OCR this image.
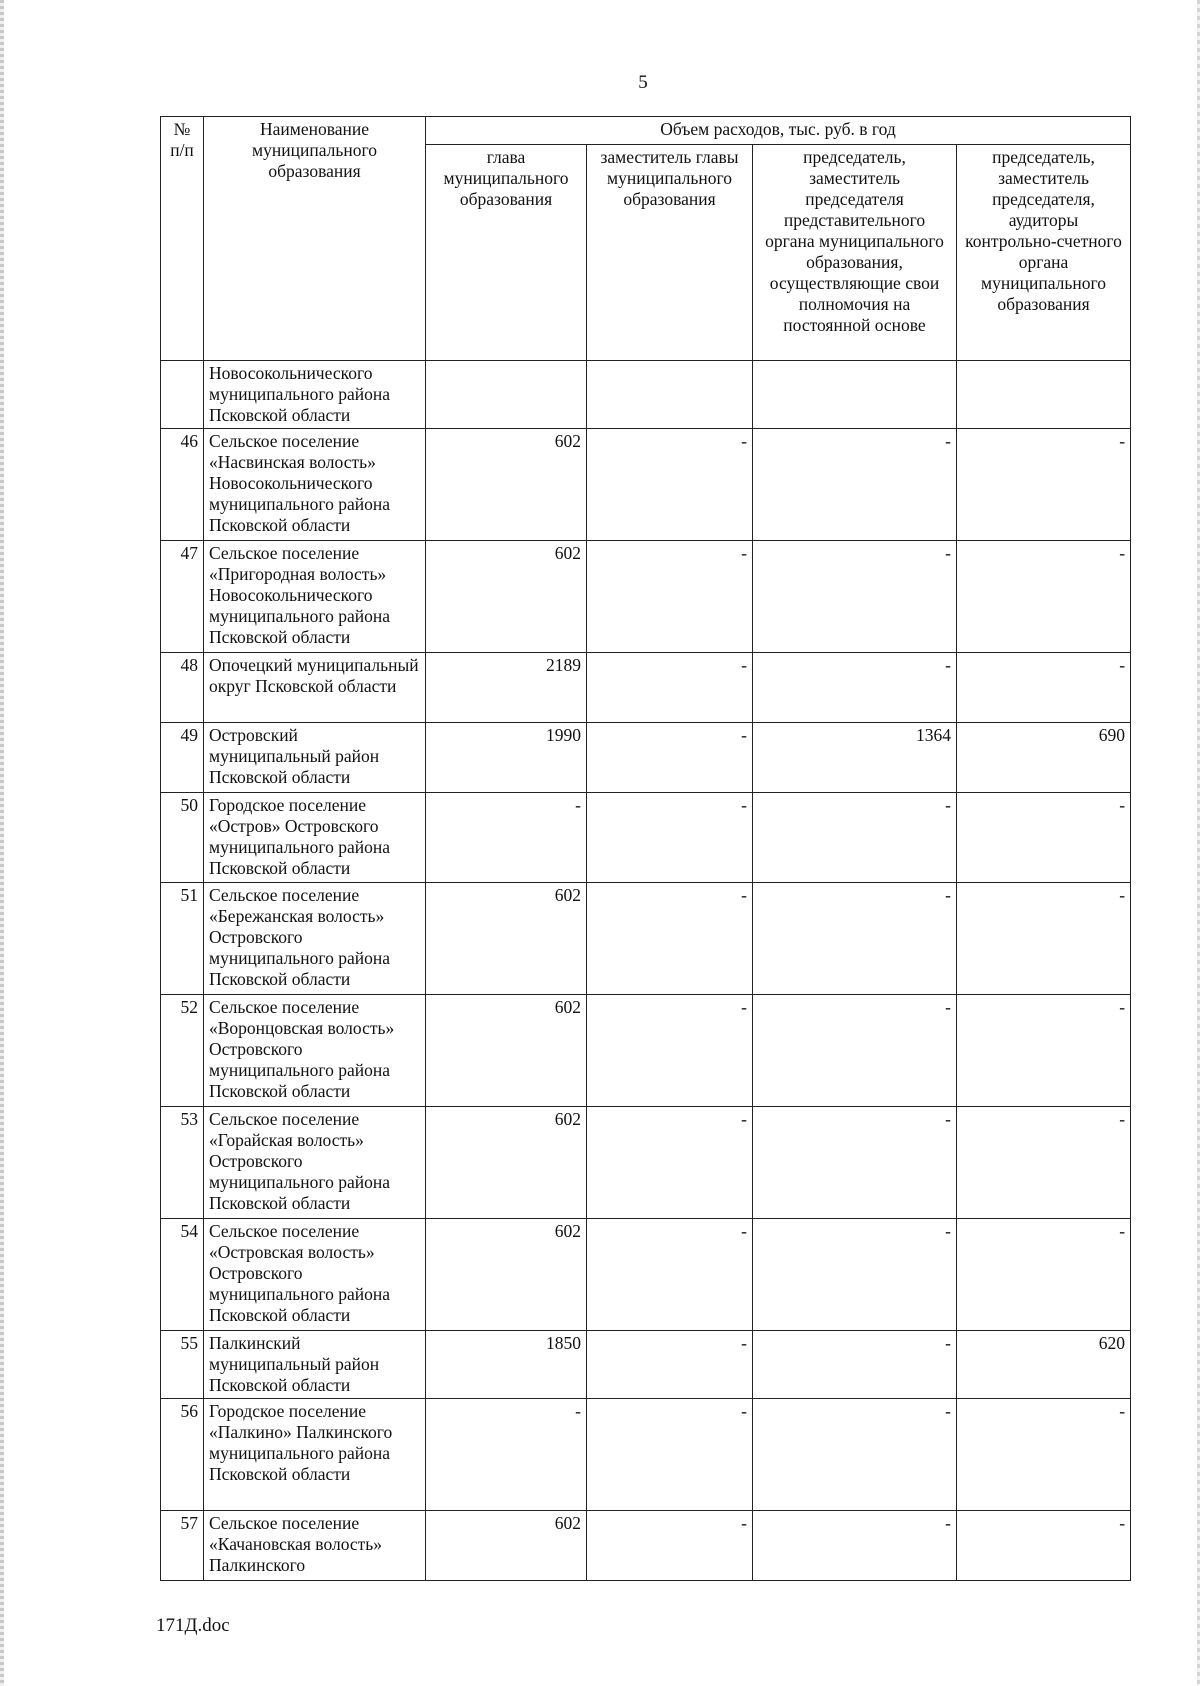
5
№ п/п	Наименование муниципального образования	Объем расходов, тыс. руб. в год			
		глава муниципального образования	заместитель главы муниципального образования	председатель, заместитель председателя представительного органа муниципального образования, осуществляющие свои полномочия на постоянной основе	председатель, заместитель председателя, аудиторы контрольно-счетного органа муниципального образования
	Новосокольнического муниципального района Псковской области				
46	Сельское поселение «Насвинская волость» Новосокольнического муниципального района Псковской области	602	-	-	-
47	Сельское поселение «Пригородная волость» Новосокольнического муниципального района Псковской области	602	-	-	-
48	Опочецкий муниципальный округ Псковской области	2189	-	-	-
49	Островский муниципальный район Псковской области	1990	-	1364	690
50	Городское поселение «Остров» Островского муниципального района Псковской области	-	-	-	-
51	Сельское поселение «Бережанская волость» Островского муниципального района Псковской области	602	-	-	-
52	Сельское поселение «Воронцовская волость» Островского муниципального района Псковской области	602	-	-	-
53	Сельское поселение «Горайская волость» Островского муниципального района Псковской области	602	-	-	-
54	Сельское поселение «Островская волость» Островского муниципального района Псковской области	602	-	-	-
55	Палкинский муниципальный район Псковской области	1850	-	-	620
56	Городское поселение «Палкино» Палкинского муниципального района Псковской области	-	-	-	-
57	Сельское поселение «Качановская волость» Палкинского	602	-	-	-
171Д.doc
